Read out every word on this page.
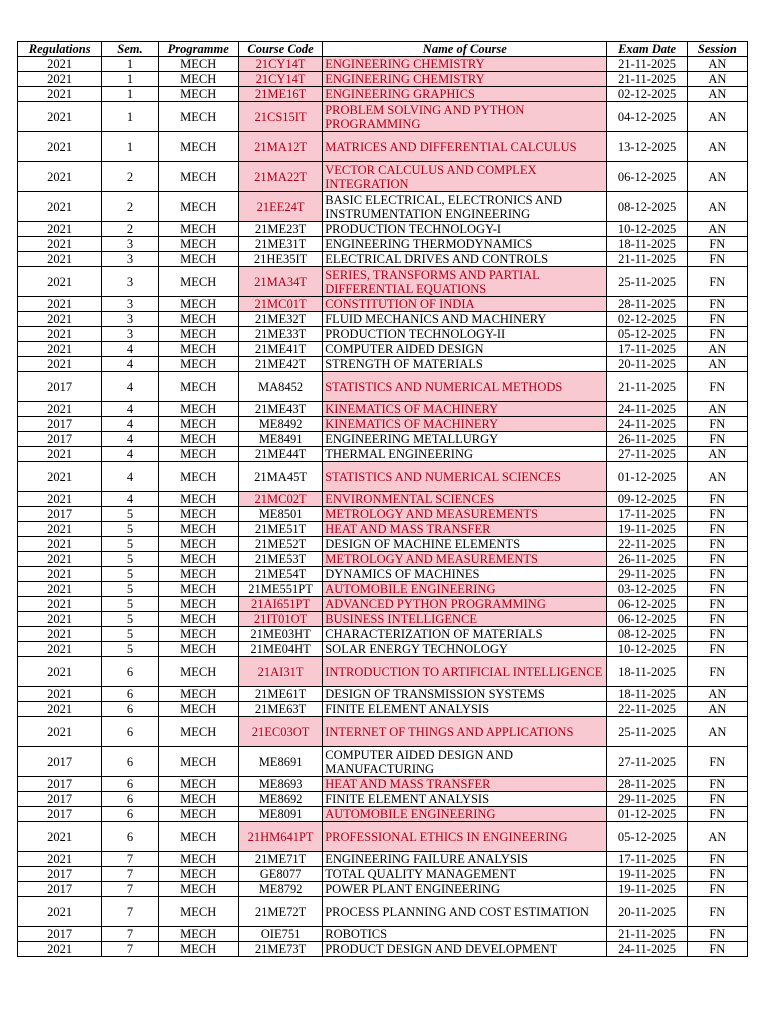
Regulations	Sem.	Programme	Course Code	Name of Course	Exam Date	Session
2021	1	MECH	21CY14T	ENGINEERING CHEMISTRY	21-11-2025	AN
2021	1	MECH	21CY14T	ENGINEERING CHEMISTRY	21-11-2025	AN
2021	1	MECH	21ME16T	ENGINEERING GRAPHICS	02-12-2025	AN
2021	1	MECH	21CS15IT	PROBLEM SOLVING AND PYTHON PROGRAMMING	04-12-2025	AN
2021	1	MECH	21MA12T	MATRICES AND DIFFERENTIAL CALCULUS	13-12-2025	AN
2021	2	MECH	21MA22T	VECTOR CALCULUS AND COMPLEX INTEGRATION	06-12-2025	AN
2021	2	MECH	21EE24T	BASIC ELECTRICAL, ELECTRONICS AND INSTRUMENTATION ENGINEERING	08-12-2025	AN
2021	2	MECH	21ME23T	PRODUCTION TECHNOLOGY-I	10-12-2025	AN
2021	3	MECH	21ME31T	ENGINEERING THERMODYNAMICS	18-11-2025	FN
2021	3	MECH	21HE35IT	ELECTRICAL DRIVES AND CONTROLS	21-11-2025	FN
2021	3	MECH	21MA34T	SERIES, TRANSFORMS AND PARTIAL DIFFERENTIAL EQUATIONS	25-11-2025	FN
2021	3	MECH	21MC01T	CONSTITUTION OF INDIA	28-11-2025	FN
2021	3	MECH	21ME32T	FLUID MECHANICS AND MACHINERY	02-12-2025	FN
2021	3	MECH	21ME33T	PRODUCTION TECHNOLOGY-II	05-12-2025	FN
2021	4	MECH	21ME41T	COMPUTER AIDED DESIGN	17-11-2025	AN
2021	4	MECH	21ME42T	STRENGTH OF MATERIALS	20-11-2025	AN
2017	4	MECH	MA8452	STATISTICS AND NUMERICAL METHODS	21-11-2025	FN
2021	4	MECH	21ME43T	KINEMATICS OF MACHINERY	24-11-2025	AN
2017	4	MECH	ME8492	KINEMATICS OF MACHINERY	24-11-2025	FN
2017	4	MECH	ME8491	ENGINEERING METALLURGY	26-11-2025	FN
2021	4	MECH	21ME44T	THERMAL ENGINEERING	27-11-2025	AN
2021	4	MECH	21MA45T	STATISTICS AND NUMERICAL SCIENCES	01-12-2025	AN
2021	4	MECH	21MC02T	ENVIRONMENTAL SCIENCES	09-12-2025	FN
2017	5	MECH	ME8501	METROLOGY AND MEASUREMENTS	17-11-2025	FN
2021	5	MECH	21ME51T	HEAT AND MASS TRANSFER	19-11-2025	FN
2021	5	MECH	21ME52T	DESIGN OF MACHINE ELEMENTS	22-11-2025	FN
2021	5	MECH	21ME53T	METROLOGY AND MEASUREMENTS	26-11-2025	FN
2021	5	MECH	21ME54T	DYNAMICS OF MACHINES	29-11-2025	FN
2021	5	MECH	21ME551PT	AUTOMOBILE ENGINEERING	03-12-2025	FN
2021	5	MECH	21AI651PT	ADVANCED PYTHON PROGRAMMING	06-12-2025	FN
2021	5	MECH	21IT01OT	BUSINESS INTELLIGENCE	06-12-2025	FN
2021	5	MECH	21ME03HT	CHARACTERIZATION OF MATERIALS	08-12-2025	FN
2021	5	MECH	21ME04HT	SOLAR ENERGY TECHNOLOGY	10-12-2025	FN
2021	6	MECH	21AI31T	INTRODUCTION TO ARTIFICIAL INTELLIGENCE	18-11-2025	FN
2021	6	MECH	21ME61T	DESIGN OF TRANSMISSION SYSTEMS	18-11-2025	AN
2021	6	MECH	21ME63T	FINITE ELEMENT ANALYSIS	22-11-2025	AN
2021	6	MECH	21EC03OT	INTERNET OF THINGS AND APPLICATIONS	25-11-2025	AN
2017	6	MECH	ME8691	COMPUTER AIDED DESIGN AND MANUFACTURING	27-11-2025	FN
2017	6	MECH	ME8693	HEAT AND MASS TRANSFER	28-11-2025	FN
2017	6	MECH	ME8692	FINITE ELEMENT ANALYSIS	29-11-2025	FN
2017	6	MECH	ME8091	AUTOMOBILE ENGINEERING	01-12-2025	FN
2021	6	MECH	21HM641PT	PROFESSIONAL ETHICS IN ENGINEERING	05-12-2025	AN
2021	7	MECH	21ME71T	ENGINEERING FAILURE ANALYSIS	17-11-2025	FN
2017	7	MECH	GE8077	TOTAL QUALITY MANAGEMENT	19-11-2025	FN
2017	7	MECH	ME8792	POWER PLANT ENGINEERING	19-11-2025	FN
2021	7	MECH	21ME72T	PROCESS PLANNING AND COST ESTIMATION	20-11-2025	FN
2017	7	MECH	OIE751	ROBOTICS	21-11-2025	FN
2021	7	MECH	21ME73T	PRODUCT DESIGN AND DEVELOPMENT	24-11-2025	FN
